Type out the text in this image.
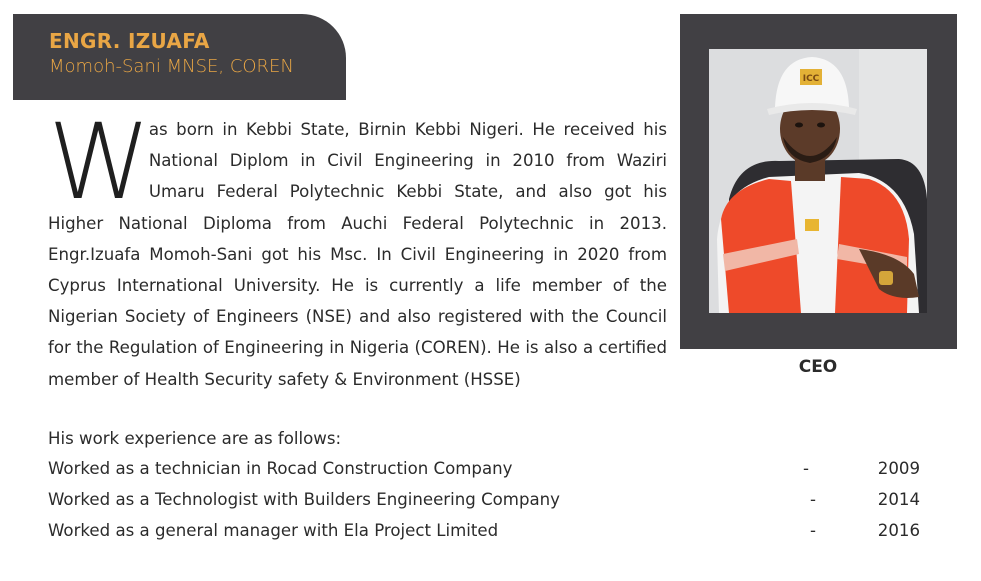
ENGR. IZUAFA
Momoh-Sani MNSE, COREN

Was born in Kebbi State, Birnin Kebbi Nigeri. He received his National Diplom in Civil Engineering in 2010 from Waziri Umaru Federal Polytechnic Kebbi State, and also got his Higher National Diploma from Auchi Federal Polytechnic in 2013. Engr.Izuafa Momoh-Sani got his Msc. In Civil Engineering in 2020 from Cyprus International University. He is currently a life member of the Nigerian Society of Engineers (NSE) and also registered with the Council for the Regulation of Engineering in Nigeria (COREN). He is also a certified member of Health Security safety & Environment (HSSE)

ICC
CEO
His work experience are as follows:
Worked as a technician in Rocad Construction Company	-	2009
Worked as a Technologist with Builders Engineering Company	-	2014
Worked as a general manager with Ela Project Limited	-	2016
